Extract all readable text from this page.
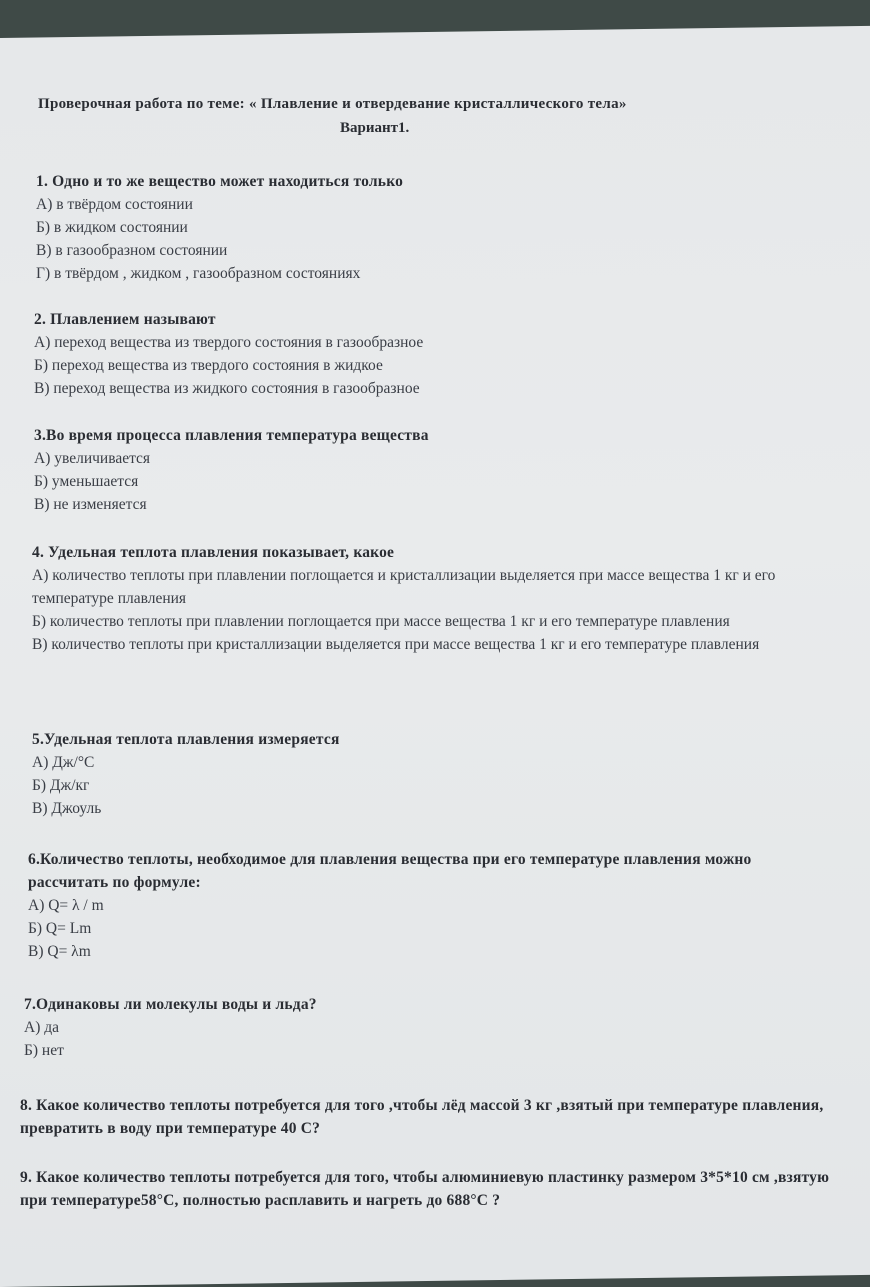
Проверочная работа по теме: « Плавление и отвердевание кристаллического тела»
Вариант1.
1. Одно и то же вещество может находиться только
А) в твёрдом состоянии
Б) в жидком состоянии
В) в газообразном состоянии
Г) в твёрдом , жидком , газообразном состояниях
2. Плавлением называют
А) переход вещества из твердого состояния в газообразное
Б) переход вещества из твердого состояния в жидкое
В) переход вещества из жидкого состояния в газообразное
3.Во время процесса плавления температура вещества
А) увеличивается
Б) уменьшается
В) не изменяется
4. Удельная теплота плавления показывает, какое
А) количество теплоты при плавлении поглощается и кристаллизации выделяется при массе вещества 1 кг и его температуре плавления
Б) количество теплоты при плавлении поглощается при массе вещества 1 кг и его температуре плавления
В) количество теплоты при кристаллизации выделяется при массе вещества 1 кг и его температуре плавления
5.Удельная теплота плавления измеряется
А) Дж/°С
Б) Дж/кг
В) Джоуль
6.Количество теплоты, необходимое для плавления вещества при его температуре плавления можно рассчитать по формуле:
А) Q= λ / m
Б) Q= Lm
В) Q= λm
7.Одинаковы ли молекулы воды и льда?
А) да
Б) нет
8. Какое количество теплоты потребуется для того ,чтобы лёд массой 3 кг ,взятый при температуре плавления, превратить в воду при температуре 40 С?
9. Какое количество теплоты потребуется для того, чтобы алюминиевую пластинку размером 3*5*10 см ,взятую при температуре58°С, полностью расплавить и нагреть до 688°С ?
